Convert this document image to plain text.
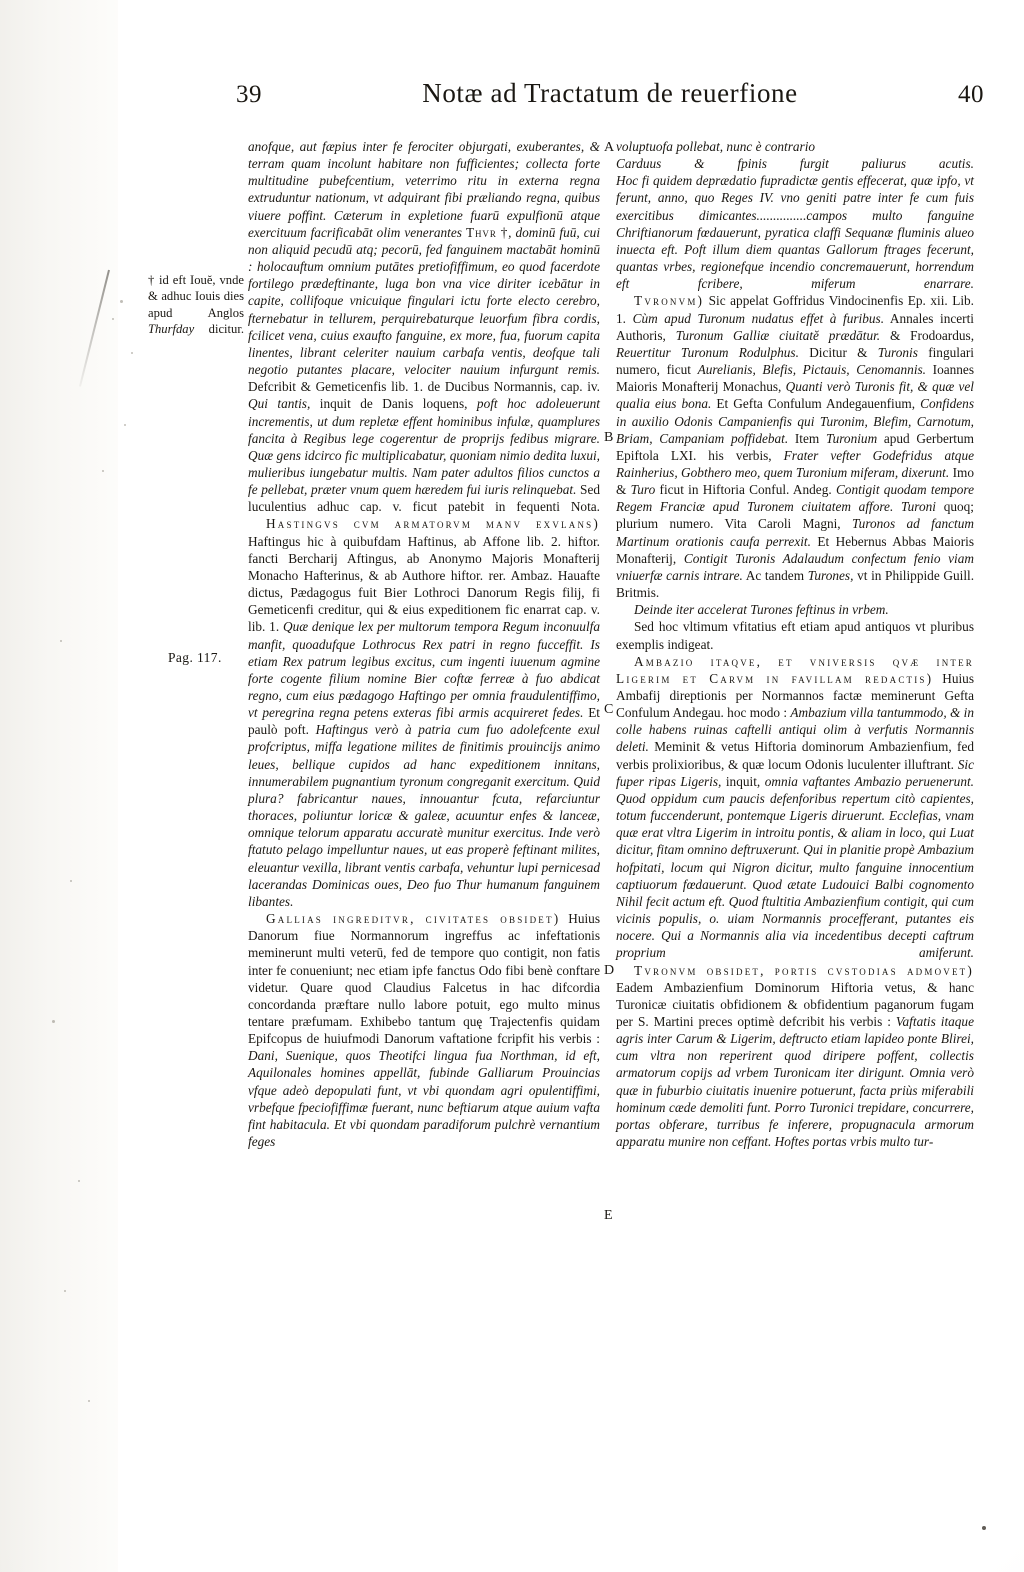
39	Notæ ad Tractatum de reuerfione	40
† id eft Iouĕ, vnde & adhuc Iouis dies apud Anglos Thurfday dicitur.
Pag. 117.
A
B
C
D
E

anofque, aut fæpius inter fe ferociter objurgati, exuberantes, & terram quam incolunt habitare non fufficientes; collecta forte multitudine pubefcentium, veterrimo ritu in externa regna extruduntur nationum, vt adquirant fibi præliando regna, quibus viuere poffint. Cæterum in expletione fuarū expulfionū atque exercituum facrificabāt olim venerantes Thvr †, dominū fuū, cui non aliquid pecudū atq; pecorū, fed fanguinem mactabāt hominū : holocauftum omnium putātes pretiofiffimum, eo quod facerdote fortilego prædeftinante, luga bon vna vice diriter icebātur in capite, collifoque vnicuique fingulari ictu forte electo cerebro, fternebatur in tellurem, perquirebaturque leuorfum fibra cordis, fcilicet vena, cuius exaufto fanguine, ex more, fua, fuorum capita linentes, librant celeriter nauium carbafa ventis, deofque tali negotio putantes placare, velociter nauium infurgunt remis. Defcribit & Gemeticenfis lib. 1. de Ducibus Normannis, cap. iv. Qui tantis, inquit de Danis loquens, poft hoc adoleuerunt incrementis, ut dum repletæ effent hominibus infulæ, quamplures fancita à Regibus lege cogerentur de proprijs fedibus migrare. Quæ gens idcirco fic multiplicabatur, quoniam nimio dedita luxui, mulieribus iungebatur multis. Nam pater adultos filios cunctos a fe pellebat, præter vnum quem hæredem fui iuris relinquebat. Sed luculentius adhuc cap. v. ficut patebit in fequenti Nota.

Hastingvs cvm armatorvm manv exvlans) Haftingus hic à quibufdam Haftinus, ab Affone lib. 2. hiftor. fancti Bercharij Aftingus, ab Anonymo Majoris Monafterij Monacho Hafterinus, & ab Authore hiftor. rer. Ambaz. Hauafte dictus, Pædagogus fuit Bier Lothroci Danorum Regis filij, fi Gemeticenfi creditur, qui & eius expeditionem fic enarrat cap. v. lib. 1. Quæ denique lex per multorum tempora Regum inconuulfa manfit, quoadufque Lothrocus Rex patri in regno fucceffit. Is etiam Rex patrum legibus excitus, cum ingenti iuuenum agmine forte cogente filium nomine Bier coftæ ferreæ à fuo abdicat regno, cum eius pædagogo Haftingo per omnia fraudulentiffimo, vt peregrina regna petens exteras fibi armis acquireret fedes. Et paulò poft. Haftingus verò à patria cum fuo adolefcente exul profcriptus, miffa legatione milites de finitimis prouincijs animo leues, bellique cupidos ad hanc expeditionem innitans, innumerabilem pugnantium tyronum congreganit exercitum. Quid plura? fabricantur naues, innouantur fcuta, refarciuntur thoraces, poliuntur loricæ & galeæ, acuuntur enfes & lanceæ, omnique telorum apparatu accuratè munitur exercitus. Inde verò ftatuto pelago impelluntur naues, ut eas properè feftinant milites, eleuantur vexilla, librant ventis carbafa, vehuntur lupi pernicesad lacerandas Dominicas oues, Deo fuo Thur humanum fanguinem libantes.

Gallias ingreditvr, civitates obsidet) Huius Danorum fiue Normannorum ingreffus ac infeftationis meminerunt multi veterū, fed de tempore quo contigit, non fatis inter fe conueniunt; nec etiam ipfe fanctus Odo fibi benè conftare videtur. Quare quod Claudius Falcetus in hac difcordia concordanda præftare nullo labore potuit, ego multo minus tentare præfumam. Exhibebo tantum quę Trajectenfis quidam Epifcopus de huiufmodi Danorum vaftatione fcripfit his verbis : Dani, Suenique, quos Theotifci lingua fua Northman, id eft, Aquilonales homines appellāt, fubinde Galliarum Prouincias vfque adeò depopulati funt, vt vbi quondam agri opulentiffimi, vrbefque fpeciofiffimæ fuerant, nunc beftiarum atque auium vafta fint habitacula. Et vbi quondam paradiforum pulchrè vernantium feges

voluptuofa pollebat, nunc è contrario

Carduus & fpinis furgit paliurus acutis.

Hoc fi quidem deprædatio fupradictæ gentis effecerat, quæ ipfo, vt ferunt, anno, quo Reges IV. vno geniti patre inter fe cum fuis exercitibus dimicantes...............campos multo fanguine Chriftianorum fœdauerunt, pyratica claffi Sequanæ fluminis alueo inuecta eft. Poft illum diem quantas Gallorum ftrages fecerunt, quantas vrbes, regionefque incendio concremauerunt, horrendum eft fcribere, miferum enarrare.

Tvronvm) Sic appelat Goffridus Vindocinenfis Ep. xii. Lib. 1. Cùm apud Turonum nudatus effet à furibus. Annales incerti Authoris, Turonum Galliæ ciuitatĕ prædātur. & Frodoardus, Reuertitur Turonum Rodulphus. Dicitur & Turonis fingulari numero, ficut Aurelianis, Blefis, Pictauis, Cenomannis. Ioannes Maioris Monafterij Monachus, Quanti verò Turonis fit, & quæ vel qualia eius bona. Et Gefta Confulum Andegauenfium, Confidens in auxilio Odonis Campanienfis qui Turonim, Blefim, Carnotum, Briam, Campaniam poffidebat. Item Turonium apud Gerbertum Epiftola LXI. his verbis, Frater vefter Godefridus atque Rainherius, Gobthero meo, quem Turonium miferam, dixerunt. Imo & Turo ficut in Hiftoria Conful. Andeg. Contigit quodam tempore Regem Franciæ apud Turonem ciuitatem affore. Turoni quoq; plurium numero. Vita Caroli Magni, Turonos ad fanctum Martinum orationis caufa perrexit. Et Hebernus Abbas Maioris Monafterij, Contigit Turonis Adalaudum confectum fenio viam vniuerfæ carnis intrare. Ac tandem Turones, vt in Philippide Guill. Britmis.

Deinde iter accelerat Turones feftinus in vrbem.

Sed hoc vltimum vfitatius eft etiam apud antiquos vt pluribus exemplis indigeat.

Ambazio itaqve, et vniversis qvæ inter Ligerim et Carvm in favillam redactis) Huius Ambafij direptionis per Normannos factæ meminerunt Gefta Confulum Andegau. hoc modo : Ambazium villa tantummodo, & in colle habens ruinas caftelli antiqui olim à verfutis Normannis deleti. Meminit & vetus Hiftoria dominorum Ambazienfium, fed verbis prolixioribus, & quæ locum Odonis luculenter illuftrant. Sic fuper ripas Ligeris, inquit, omnia vaftantes Ambazio peruenerunt. Quod oppidum cum paucis defenforibus repertum citò capientes, totum fuccenderunt, pontemque Ligeris diruerunt. Ecclefias, vnam quæ erat vltra Ligerim in introitu pontis, & aliam in loco, qui Luat dicitur, fitam omnino deftruxerunt. Qui in planitie propè Ambazium hofpitati, locum qui Nigron dicitur, multo fanguine innocentium captiuorum fœdauerunt. Quod ætate Ludouici Balbi cognomento Nihil fecit actum eft. Quod ftultitia Ambazienfium contigit, qui cum vicinis populis, o. uiam Normannis procefferant, putantes eis nocere. Qui a Normannis alia via incedentibus decepti caftrum proprium amiferunt.

Tvronvm obsidet, portis cvstodias admovet) Eadem Ambazienfium Dominorum Hiftoria vetus, & hanc Turonicæ ciuitatis obfidionem & obfidentium paganorum fugam per S. Martini preces optimè defcribit his verbis : Vaftatis itaque agris inter Carum & Ligerim, deftructo etiam lapideo ponte Blirei, cum vltra non reperirent quod diripere poffent, collectis armatorum copijs ad vrbem Turonicam iter dirigunt. Omnia verò quæ in fuburbio ciuitatis inuenire potuerunt, facta priùs miferabili hominum cæde demoliti funt. Porro Turonici trepidare, concurrere, portas obferare, turribus fe inferere, propugnacula armorum apparatu munire non ceffant. Hoftes portas vrbis multo tur-
